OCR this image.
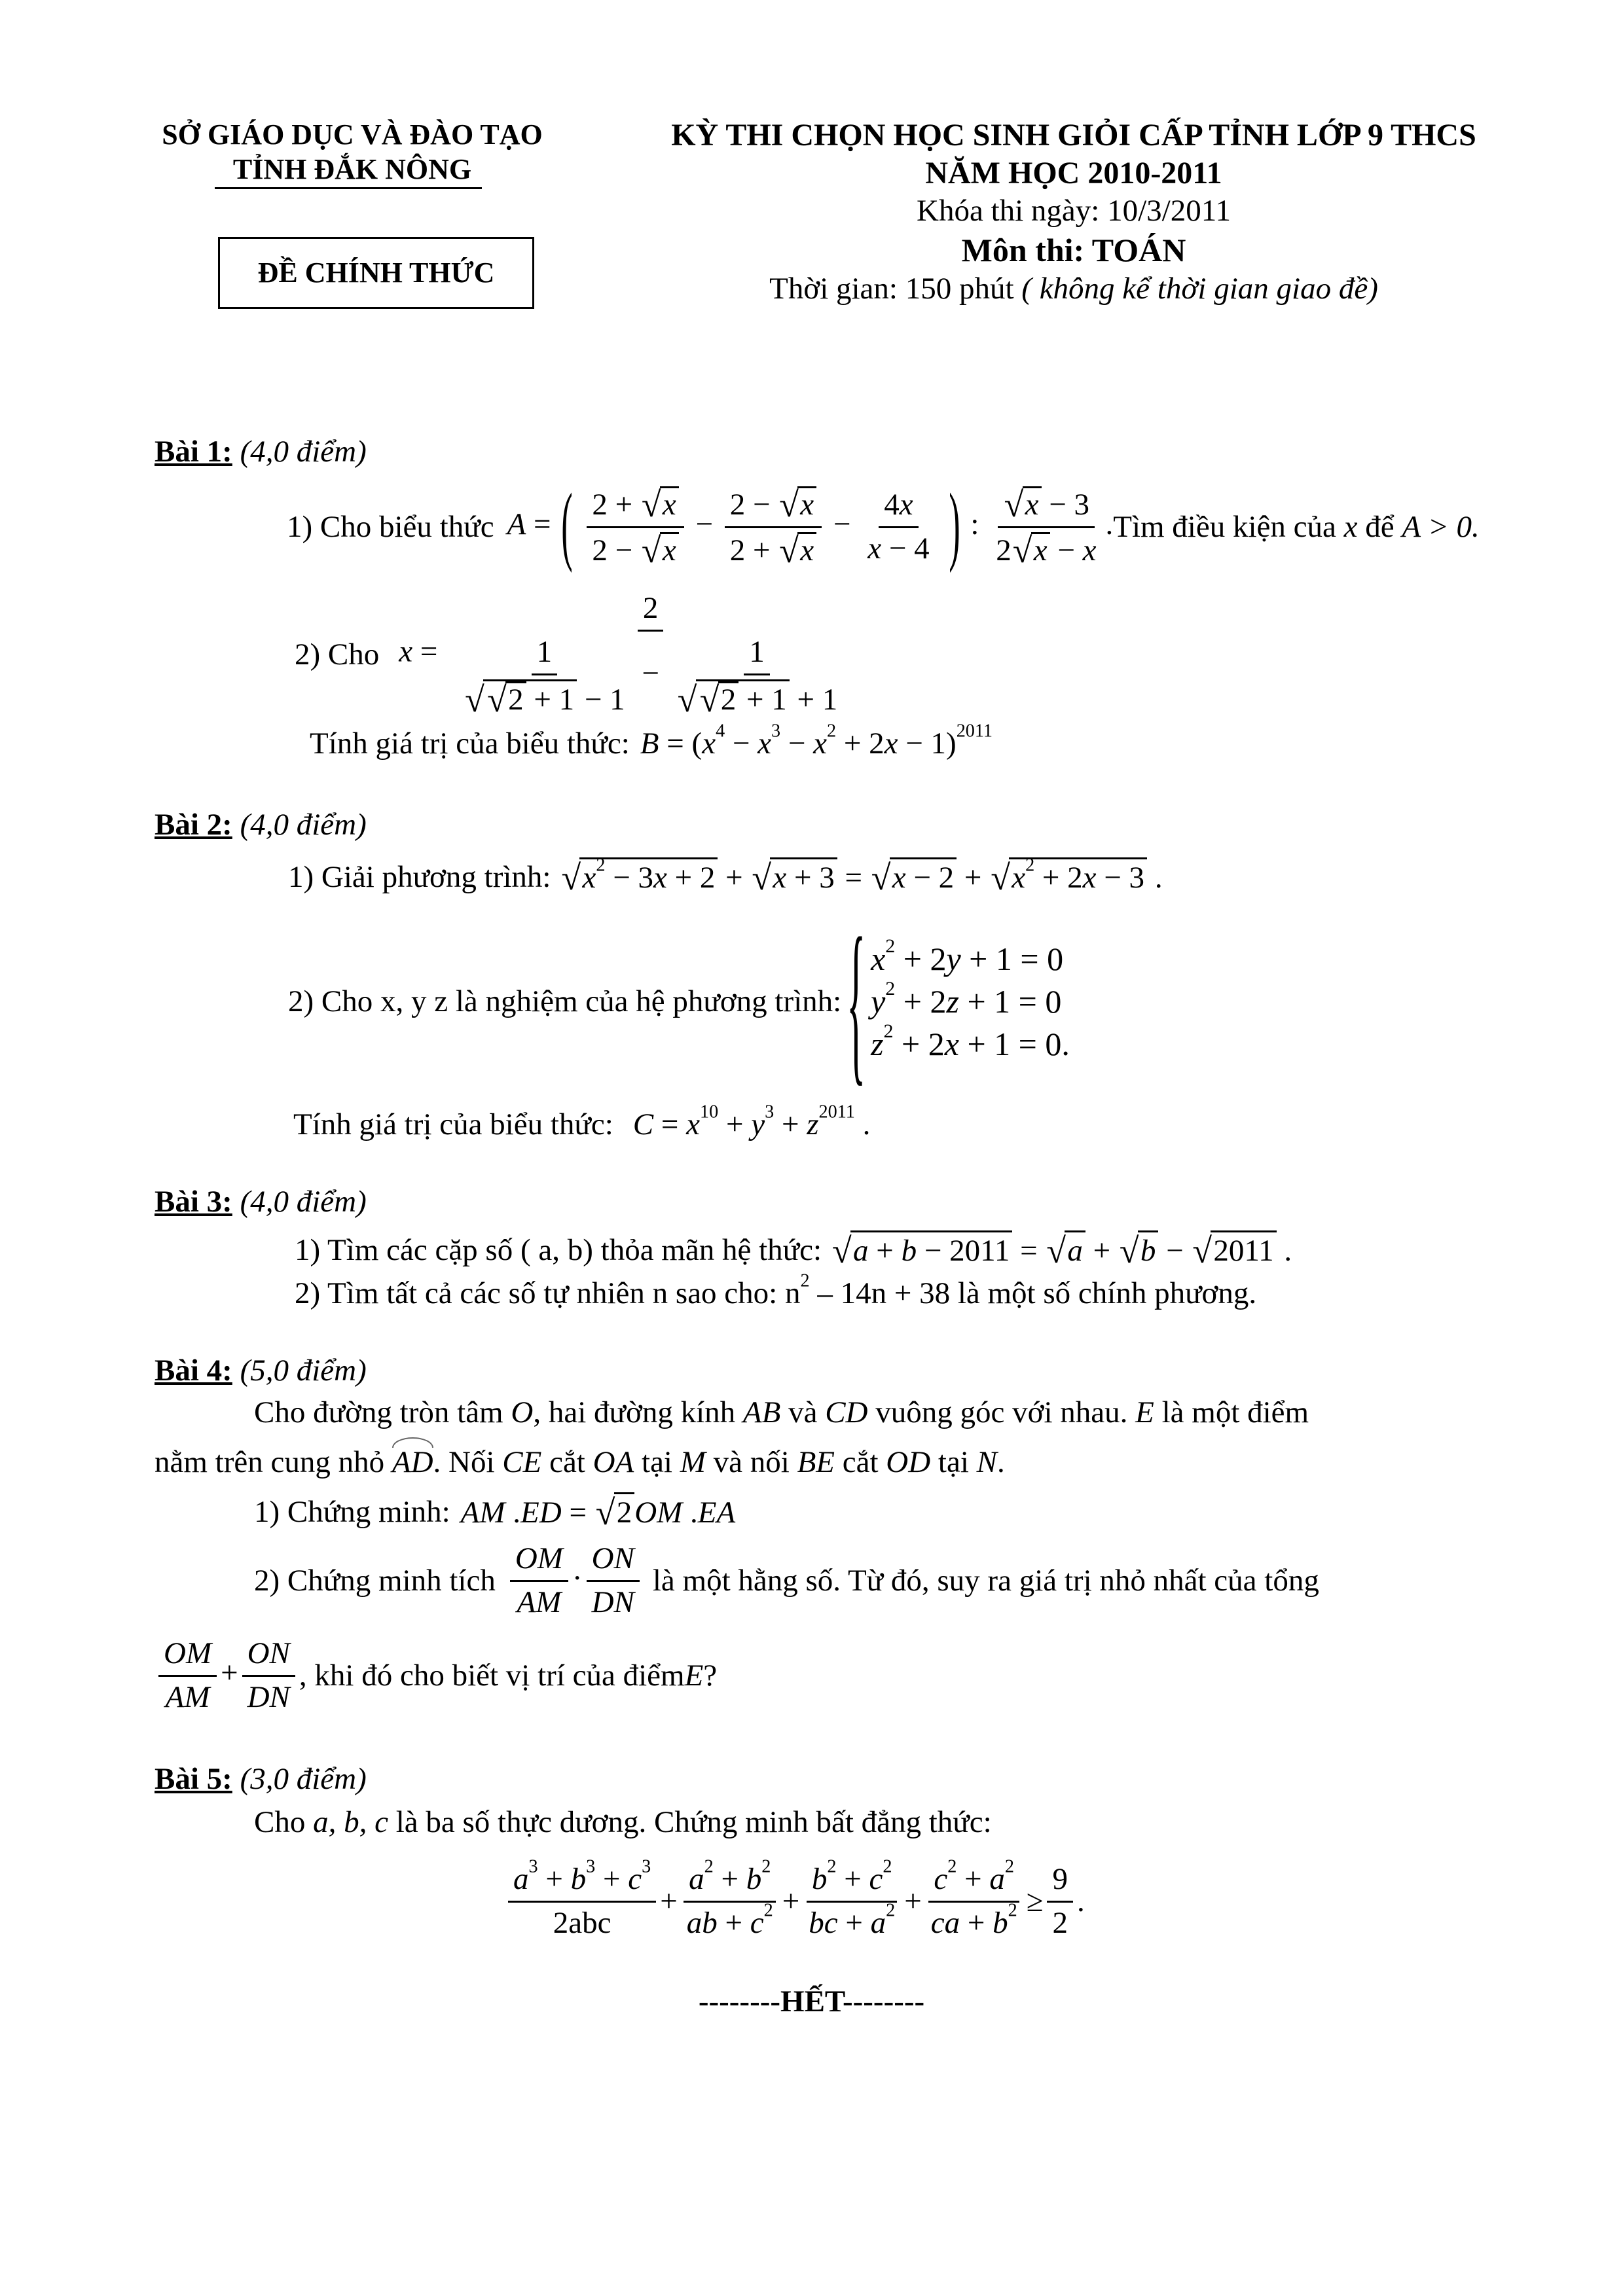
SỞ GIÁO DỤC VÀ ĐÀO TẠO
TỈNH ĐẮK NÔNG
ĐỀ CHÍNH THỨC
KỲ THI CHỌN HỌC SINH GIỎI CẤP TỈNH LỚP 9 THCS
NĂM HỌC 2010-2011
Khóa thi ngày: 10/3/2011
Môn thi: TOÁN
Thời gian: 150 phút ( không kể thời gian giao đề)
Bài 1: (4,0 điểm)
1) Cho biểu thức A = ( $\frac{2 + √ x}{2 - √ x} - \frac{2 - √ x}{2 + √ x} - \frac{4x}{x - 4}$ ) : √ $\frac{x - 3}{2 √ x - x}$ . Tìm điều kiện của
x
để
A > 0.
2) Cho x = 2
1
√ √ 2 + 1 − 1 − 1
√ √ 2 + 1 + 1
Tính giá trị của biểu thức: $B = (x^4 - x^3 - x^2 + 2x - 1)^{2011}$
Bài 2: (4,0 điểm)
1) Giải phương trình:	√ $x^2 - 3x + 2$ + √ x + 3 = √ x − 2 + √ $x^2 + 2x - 3$ .
2) Cho x, y z là nghiệm của hệ phương trình: { $x^2 + 2y + 1 = 0$
$y^2 + 2z + 1 = 0$
$z^2 + 2x + 1 = 0$.
Tính giá trị của biểu thức: $C = x^{10} + y^3 + z^{2011}$ .
Bài 3: (4,0 điểm)
1) Tìm các cặp số ( a, b) thỏa mãn hệ thức:	√ a + b − 2011 = √ a + √ b − √ 2011 .
2) Tìm tất cả các số tự nhiên n sao cho: $n^2 - 14n + 38$ là một số chính phương.
Bài 4: (5,0 điểm)
Cho đường tròn tâm O, hai đường kính AB và CD vuông góc với nhau. E là một điểm
nằm trên cung nhỏ AD. Nối CE cắt OA tại M và nối BE cắt OD tại N.
1) Chứng minh: AM .ED = √ 2OM .EA
2) Chứng minh tích $\frac{OM}{AM} \cdot \frac{ON}{DN}$ là một hằng số. Từ đó, suy ra giá trị nhỏ nhất của tổng
$\frac{OM}{AM} + \frac{ON}{DN}$ , khi đó cho biết vị trí của điểm E ?
Bài 5: (3,0 điểm)
Cho a, b, c là ba số thực dương. Chứng minh bất đẳng thức:
$\frac{a^3 + b^3 + c^3}{\text{2abc}} + \frac{a^2 + b^2}{ab + c^2} + \frac{b^2 + c^2}{bc + a^2} + \frac{c^2 + a^2}{ca + b^2} \ge \frac{9}{2}$ .
--------HẾT--------
